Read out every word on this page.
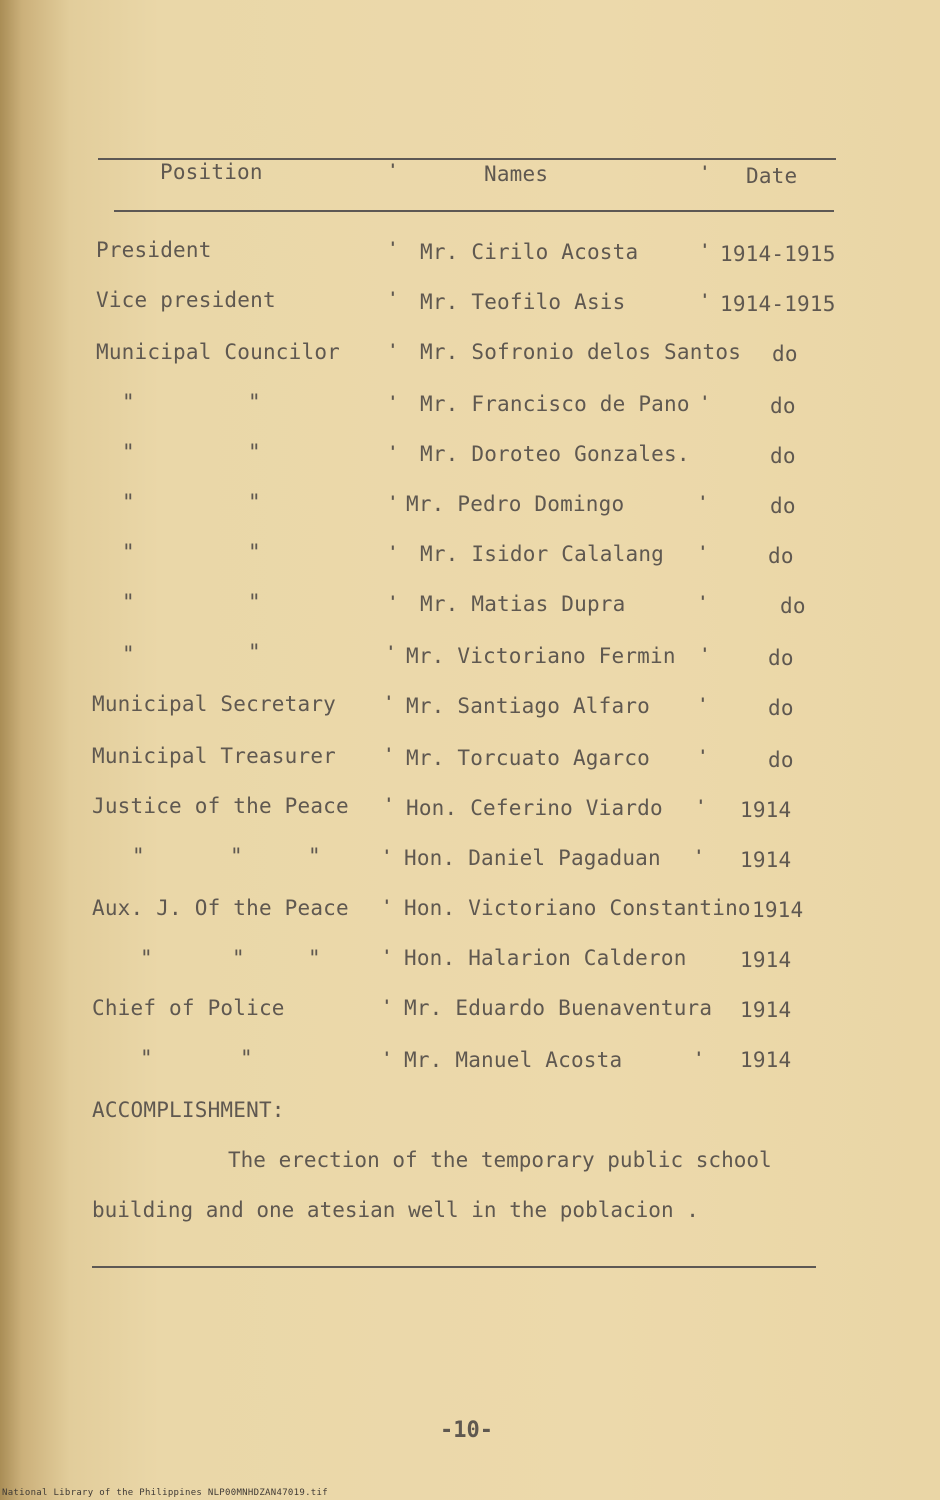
Position	'	Names	' Date
President	' Mr. Cirilo Acosta	' 1914-1915
Vice president	' Mr. Teofilo Asis	' 1914-1915
Municipal Councilor	' Mr. Sofronio delos Santos do
"	"	' Mr. Francisco de Pano '	do
"	"	' Mr. Doroteo Gonzales.	do
"	"	' Mr. Pedro Domingo	'	do
"	"	' Mr. Isidor Calalang '	do
"	"	' Mr. Matias Dupra	'	do
"	"	' Mr. Victoriano Fermin '	do
Municipal Secretary	' Mr. Santiago Alfaro	'	do
Municipal Treasurer	' Mr. Torcuato Agarco	'	do
Justice of the Peace ' Hon. Ceferino Viardo ' 1914
"	"	"	' Hon. Daniel Pagaduan ' 1914
Aux. J. Of the Peace ' Hon. Victoriano Constantino 1914
"	"	"	' Hon. Halarion Calderon	1914
Chief of Police	' Mr. Eduardo Buenaventura 1914
"	"	' Mr. Manuel Acosta	' 1914
ACCOMPLISHMENT:
The erection of the temporary public school
building and one atesian well in the poblacion .
-10-
National Library of the Philippines NLP00MNHDZAN47019.tif
